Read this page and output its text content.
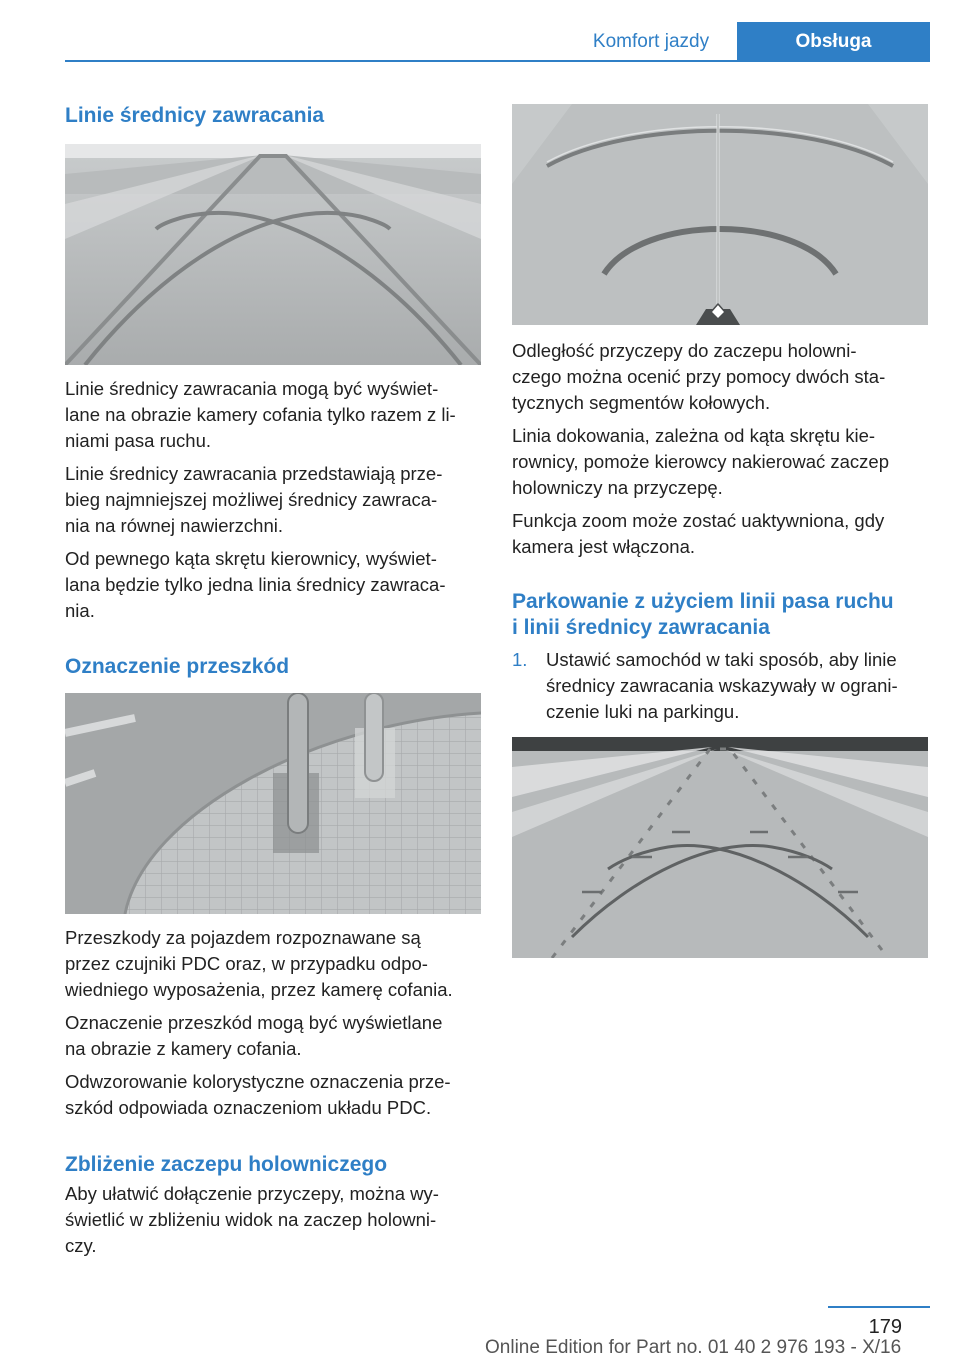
Komfort jazdy	Obsługa
Linie średnicy zawracania

Linie średnicy zawracania mogą być wyświet‐
lane na obrazie kamery cofania tylko razem z li‐
niami pasa ruchu.

Linie średnicy zawracania przedstawiają prze‐
bieg najmniejszej możliwej średnicy zawraca‐
nia na równej nawierzchni.

Od pewnego kąta skrętu kierownicy, wyświet‐
lana będzie tylko jedna linia średnicy zawraca‐
nia.

Oznaczenie przeszkód

Przeszkody za pojazdem rozpoznawane są
przez czujniki PDC oraz, w przypadku odpo‐
wiedniego wyposażenia, przez kamerę cofania.

Oznaczenie przeszkód mogą być wyświetlane
na obrazie z kamery cofania.

Odwzorowanie kolorystyczne oznaczenia prze‐
szkód odpowiada oznaczeniom układu PDC.

Zbliżenie zaczepu holowniczego

Aby ułatwić dołączenie przyczepy, można wy‐
świetlić w zbliżeniu widok na zaczep holowni‐
czy.

Odległość przyczepy do zaczepu holowni‐
czego można ocenić przy pomocy dwóch sta‐
tycznych segmentów kołowych.

Linia dokowania, zależna od kąta skrętu kie‐
rownicy, pomoże kierowcy nakierować zaczep
holowniczy na przyczepę.

Funkcja zoom może zostać uaktywniona, gdy
kamera jest włączona.

Parkowanie z użyciem linii pasa ruchu
i linii średnicy zawracania
1.	Ustawić samochód w taki sposób, aby linie
średnicy zawracania wskazywały w ograni‐
czenie luki na parkingu.
179
Online Edition for Part no. 01 40 2 976 193 - X/16
